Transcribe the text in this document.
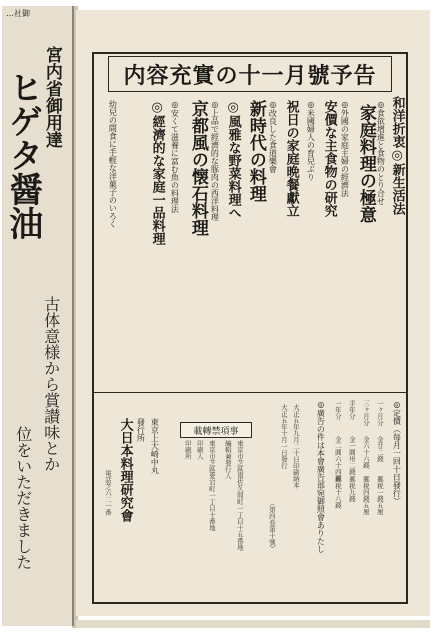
…社御
宮内省御用達
ヒゲタ醤油
古体意様から賞讃味とか
位をいただきました
内容充實の十一月號予告
和洋折衷◎新生活法
◎食欲增進と食物のとり合せ
家庭料理の極意
◎外國の家庭主婦の經濟法
安價な主食物の研究
◎米國婦人の育兒ぶり
祝日の家庭晩餐獻立
◎改良した食道樂會
新時代の料理
◎風雅な野菜料理へ
◎上品で經濟的な豚肉の西洋料理
京都風の懐石料理
◎安くて滋養に富む魚の料理法
◎經濟的な家庭一品料理
幼兒の間食に手輕な洋菓子のいろく
◎定價（每月一回十日發行）
一ヶ月分
金廿二錢
郵税一錢五厘
三ヶ月分
金六十六錢
郵税四錢五厘
半年分
金一圓卅二錢
郵税九錢
一年分
金二圓六十四錢
郵税十八錢
◎廣告の件は本會廣告部宛御照會ありたし
大正五年九月二十日印刷納本
大正五年十月一日發行
（第四卷第十號）
載轉禁項事
東京市芝區南佐久間町一丁目十五番地
編輯兼發行人
東京市芝區愛宕町一丁目十番地
印刷人
印刷所
東京上大崎中丸
發行所
大日本料理研究會
電話芝六二一番
